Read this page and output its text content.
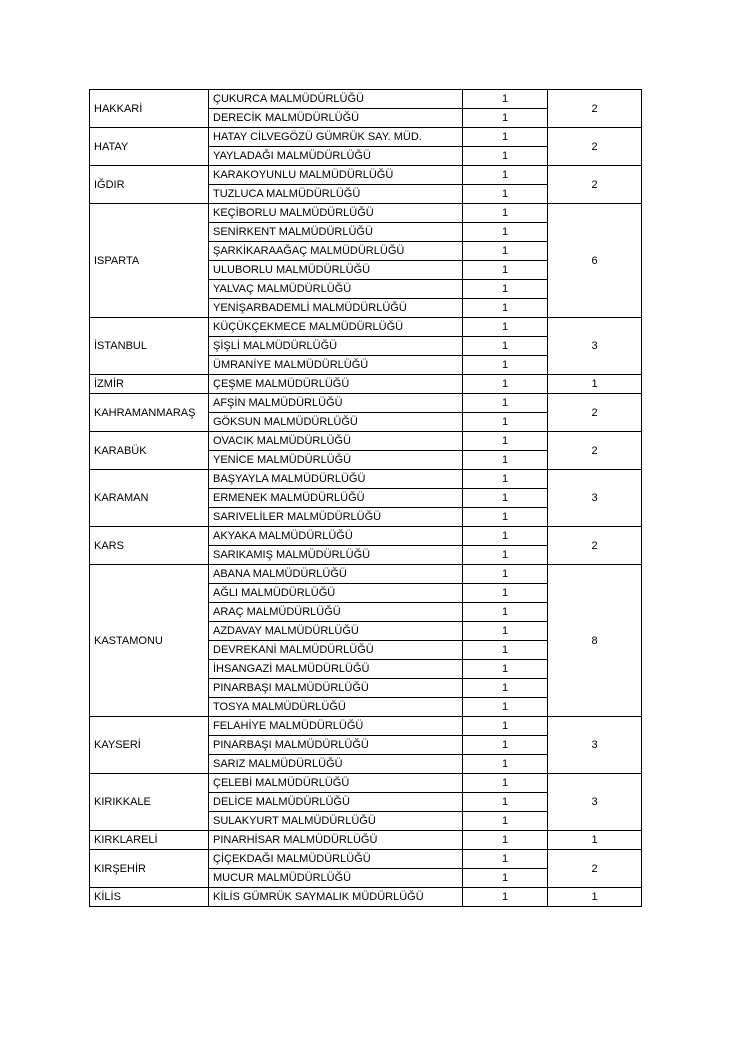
HAKKARİ	ÇUKURCA MALMÜDÜRLÜĞÜ	1	2
	DERECİK MALMÜDÜRLÜĞÜ	1	
HATAY	HATAY CİLVEGÖZÜ GÜMRÜK SAY. MÜD.	1	2
	YAYLADAĞI MALMÜDÜRLÜĞÜ	1	
IĞDIR	KARAKOYUNLU MALMÜDÜRLÜĞÜ	1	2
	TUZLUCA MALMÜDÜRLÜĞÜ	1	
ISPARTA	KEÇİBORLU MALMÜDÜRLÜĞÜ	1	6
	SENİRKENT MALMÜDÜRLÜĞÜ	1	
	ŞARKİKARAAĞAÇ MALMÜDÜRLÜĞÜ	1	
	ULUBORLU MALMÜDÜRLÜĞÜ	1	
	YALVAÇ MALMÜDÜRLÜĞÜ	1	
	YENİŞARBADEMLİ MALMÜDÜRLÜĞÜ	1	
İSTANBUL	KÜÇÜKÇEKMECE MALMÜDÜRLÜĞÜ	1	3
	ŞİŞLİ MALMÜDÜRLÜĞÜ	1	
	ÜMRANİYE MALMÜDÜRLÜĞÜ	1	
İZMİR	ÇEŞME MALMÜDÜRLÜĞÜ	1	1
KAHRAMANMARAŞ	AFŞİN MALMÜDÜRLÜĞÜ	1	2
	GÖKSUN MALMÜDÜRLÜĞÜ	1	
KARABÜK	OVACIK MALMÜDÜRLÜĞÜ	1	2
	YENİCE MALMÜDÜRLÜĞÜ	1	
KARAMAN	BAŞYAYLA MALMÜDÜRLÜĞÜ	1	3
	ERMENEK MALMÜDÜRLÜĞÜ	1	
	SARIVELİLER MALMÜDÜRLÜĞÜ	1	
KARS	AKYAKA MALMÜDÜRLÜĞÜ	1	2
	SARIKAMIŞ MALMÜDÜRLÜĞÜ	1	
KASTAMONU	ABANA MALMÜDÜRLÜĞÜ	1	8
	AĞLI MALMÜDÜRLÜĞÜ	1	
	ARAÇ MALMÜDÜRLÜĞÜ	1	
	AZDAVAY MALMÜDÜRLÜĞÜ	1	
	DEVREKANİ MALMÜDÜRLÜĞÜ	1	
	İHSANGAZİ MALMÜDÜRLÜĞÜ	1	
	PINARBAŞI MALMÜDÜRLÜĞÜ	1	
	TOSYA MALMÜDÜRLÜĞÜ	1	
KAYSERİ	FELAHİYE MALMÜDÜRLÜĞÜ	1	3
	PINARBAŞI MALMÜDÜRLÜĞÜ	1	
	SARIZ MALMÜDÜRLÜĞÜ	1	
KIRIKKALE	ÇELEBİ MALMÜDÜRLÜĞÜ	1	3
	DELİCE MALMÜDÜRLÜĞÜ	1	
	SULAKYURT MALMÜDÜRLÜĞÜ	1	
KIRKLARELİ	PINARHİSAR MALMÜDÜRLÜĞÜ	1	1
KIRŞEHİR	ÇİÇEKDAĞI MALMÜDÜRLÜĞÜ	1	2
	MUCUR MALMÜDÜRLÜĞÜ	1	
KİLİS	KİLİS GÜMRÜK SAYMALIK MÜDÜRLÜĞÜ	1	1
